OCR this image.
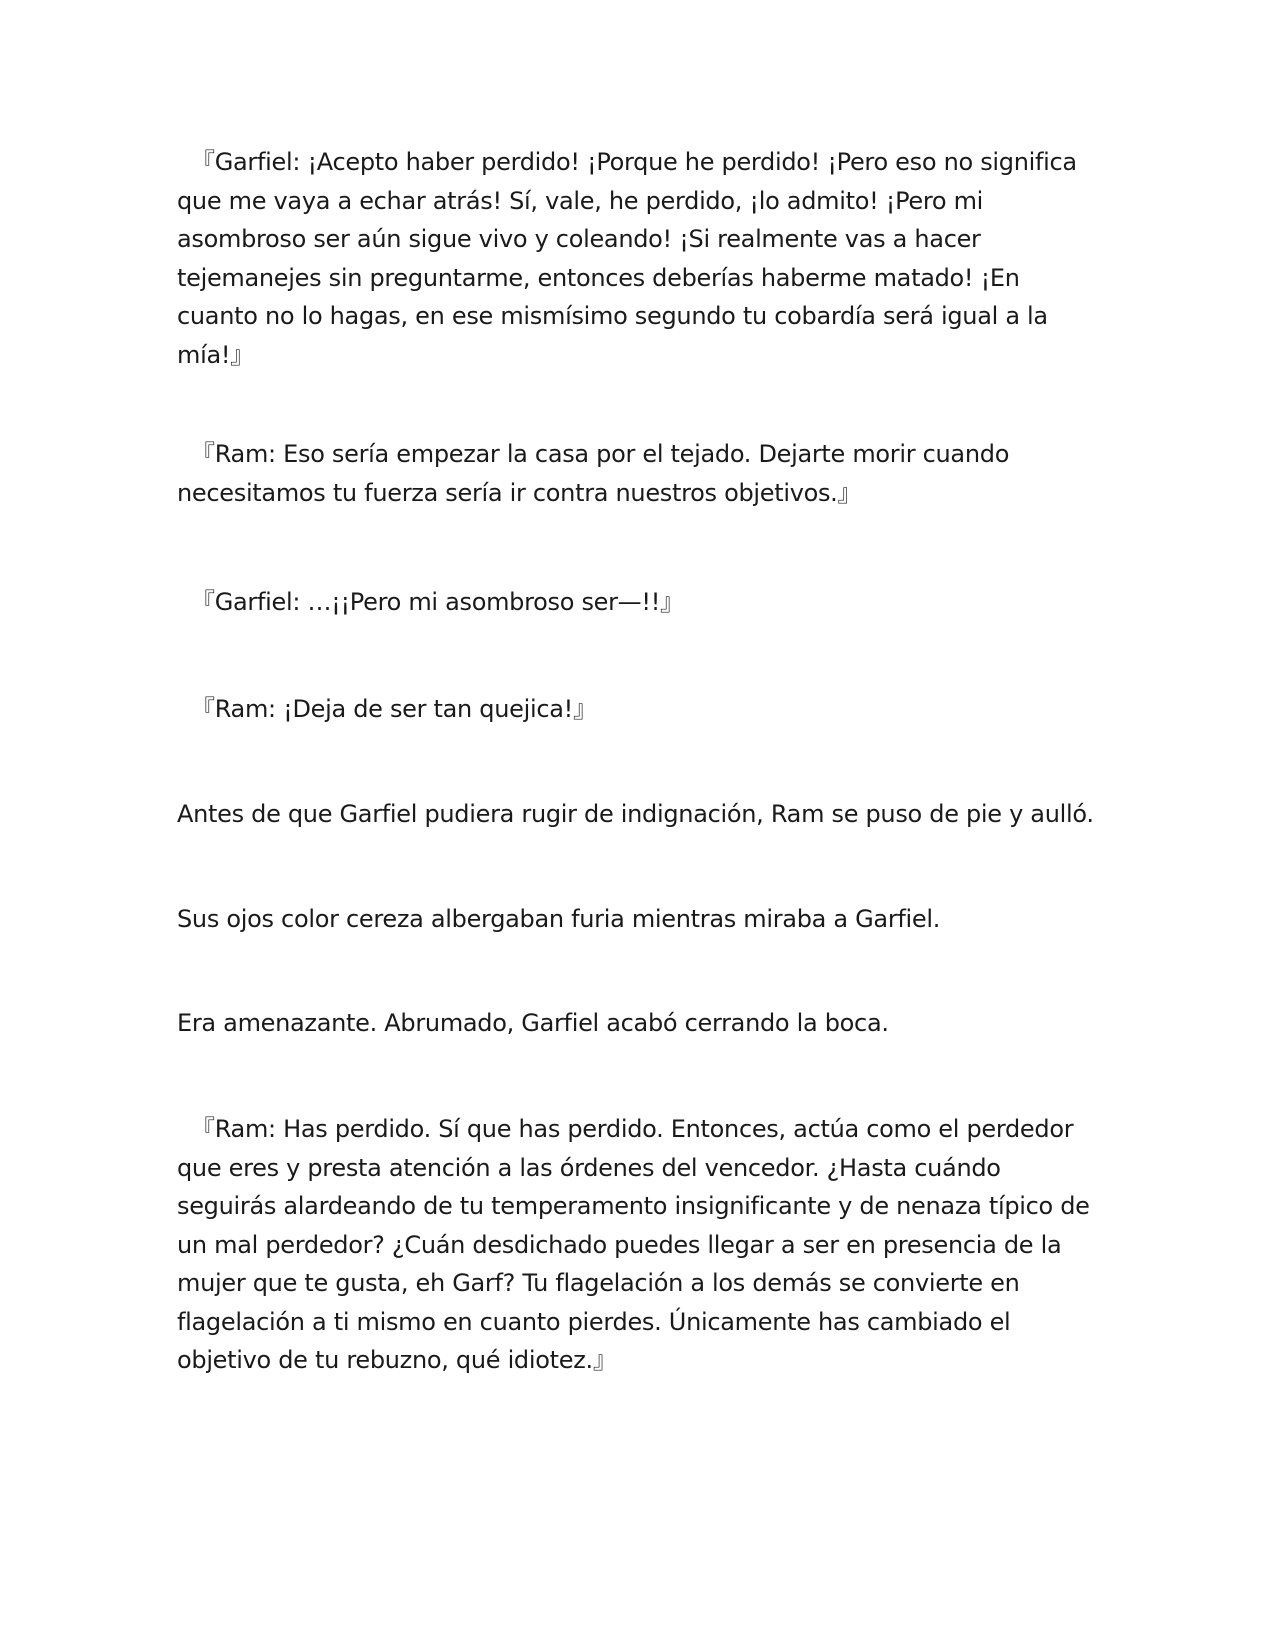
『Garfiel: ¡Acepto haber perdido! ¡Porque he perdido! ¡Pero eso no significa que me vaya a echar atrás! Sí, vale, he perdido, ¡lo admito! ¡Pero mi asombroso ser aún sigue vivo y coleando! ¡Si realmente vas a hacer tejemanejes sin preguntarme, entonces deberías haberme matado! ¡En cuanto no lo hagas, en ese mismísimo segundo tu cobardía será igual a la mía!』

『Ram: Eso sería empezar la casa por el tejado. Dejarte morir cuando necesitamos tu fuerza sería ir contra nuestros objetivos.』

『Garfiel: …¡¡Pero mi asombroso ser—!!』

『Ram: ¡Deja de ser tan quejica!』

Antes de que Garfiel pudiera rugir de indignación, Ram se puso de pie y aulló.

Sus ojos color cereza albergaban furia mientras miraba a Garfiel.

Era amenazante. Abrumado, Garfiel acabó cerrando la boca.

『Ram: Has perdido. Sí que has perdido. Entonces, actúa como el perdedor que eres y presta atención a las órdenes del vencedor. ¿Hasta cuándo seguirás alardeando de tu temperamento insignificante y de nenaza típico de un mal perdedor? ¿Cuán desdichado puedes llegar a ser en presencia de la mujer que te gusta, eh Garf? Tu flagelación a los demás se convierte en flagelación a ti mismo en cuanto pierdes. Únicamente has cambiado el objetivo de tu rebuzno, qué idiotez.』
